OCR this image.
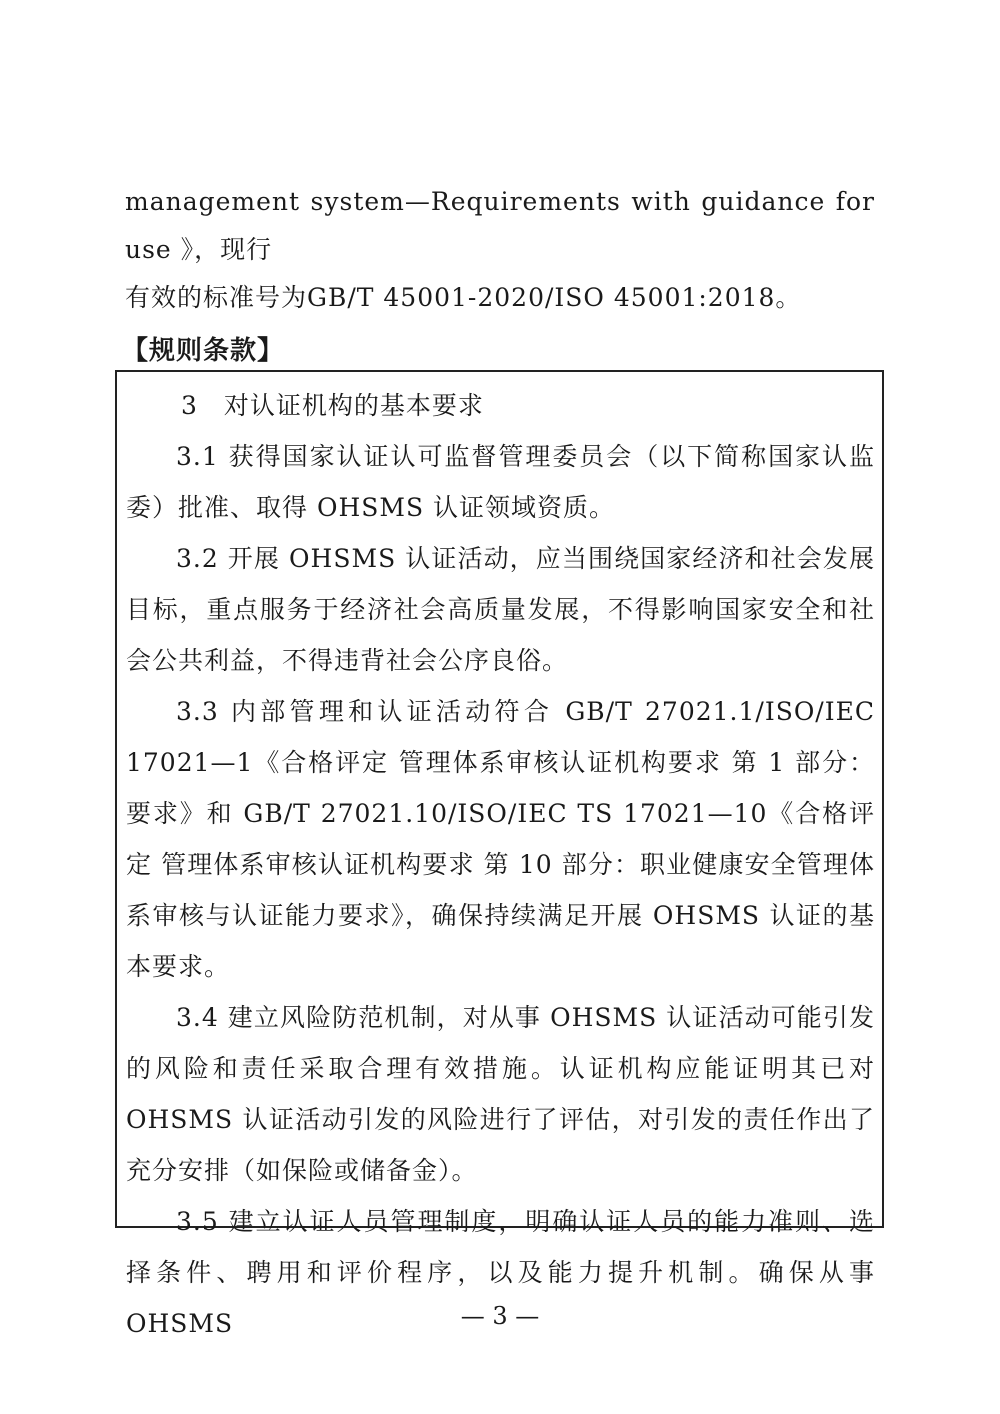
management system—Requirements with guidance for use 》，现行

有效的标准号为GB/T 45001-2020/ISO 45001:2018。

【规则条款】

3　对认证机构的基本要求

3.1 获得国家认证认可监督管理委员会（以下简称国家认监委）批准、取得 OHSMS 认证领域资质。

3.2 开展 OHSMS 认证活动，应当围绕国家经济和社会发展目标，重点服务于经济社会高质量发展，不得影响国家安全和社会公共利益，不得违背社会公序良俗。

3.3 内部管理和认证活动符合 GB/T 27021.1/ISO/IEC 17021—1《合格评定 管理体系审核认证机构要求 第 1 部分：要求》和 GB/T 27021.10/ISO/IEC TS 17021—10《合格评定 管理体系审核认证机构要求 第 10 部分：职业健康安全管理体系审核与认证能力要求》，确保持续满足开展 OHSMS 认证的基本要求。

3.4 建立风险防范机制，对从事 OHSMS 认证活动可能引发的风险和责任采取合理有效措施。认证机构应能证明其已对 OHSMS 认证活动引发的风险进行了评估，对引发的责任作出了充分安排（如保险或储备金）。

3.5 建立认证人员管理制度，明确认证人员的能力准则、选择条件、聘用和评价程序，以及能力提升机制。确保从事 OHSMS	— 3 —
